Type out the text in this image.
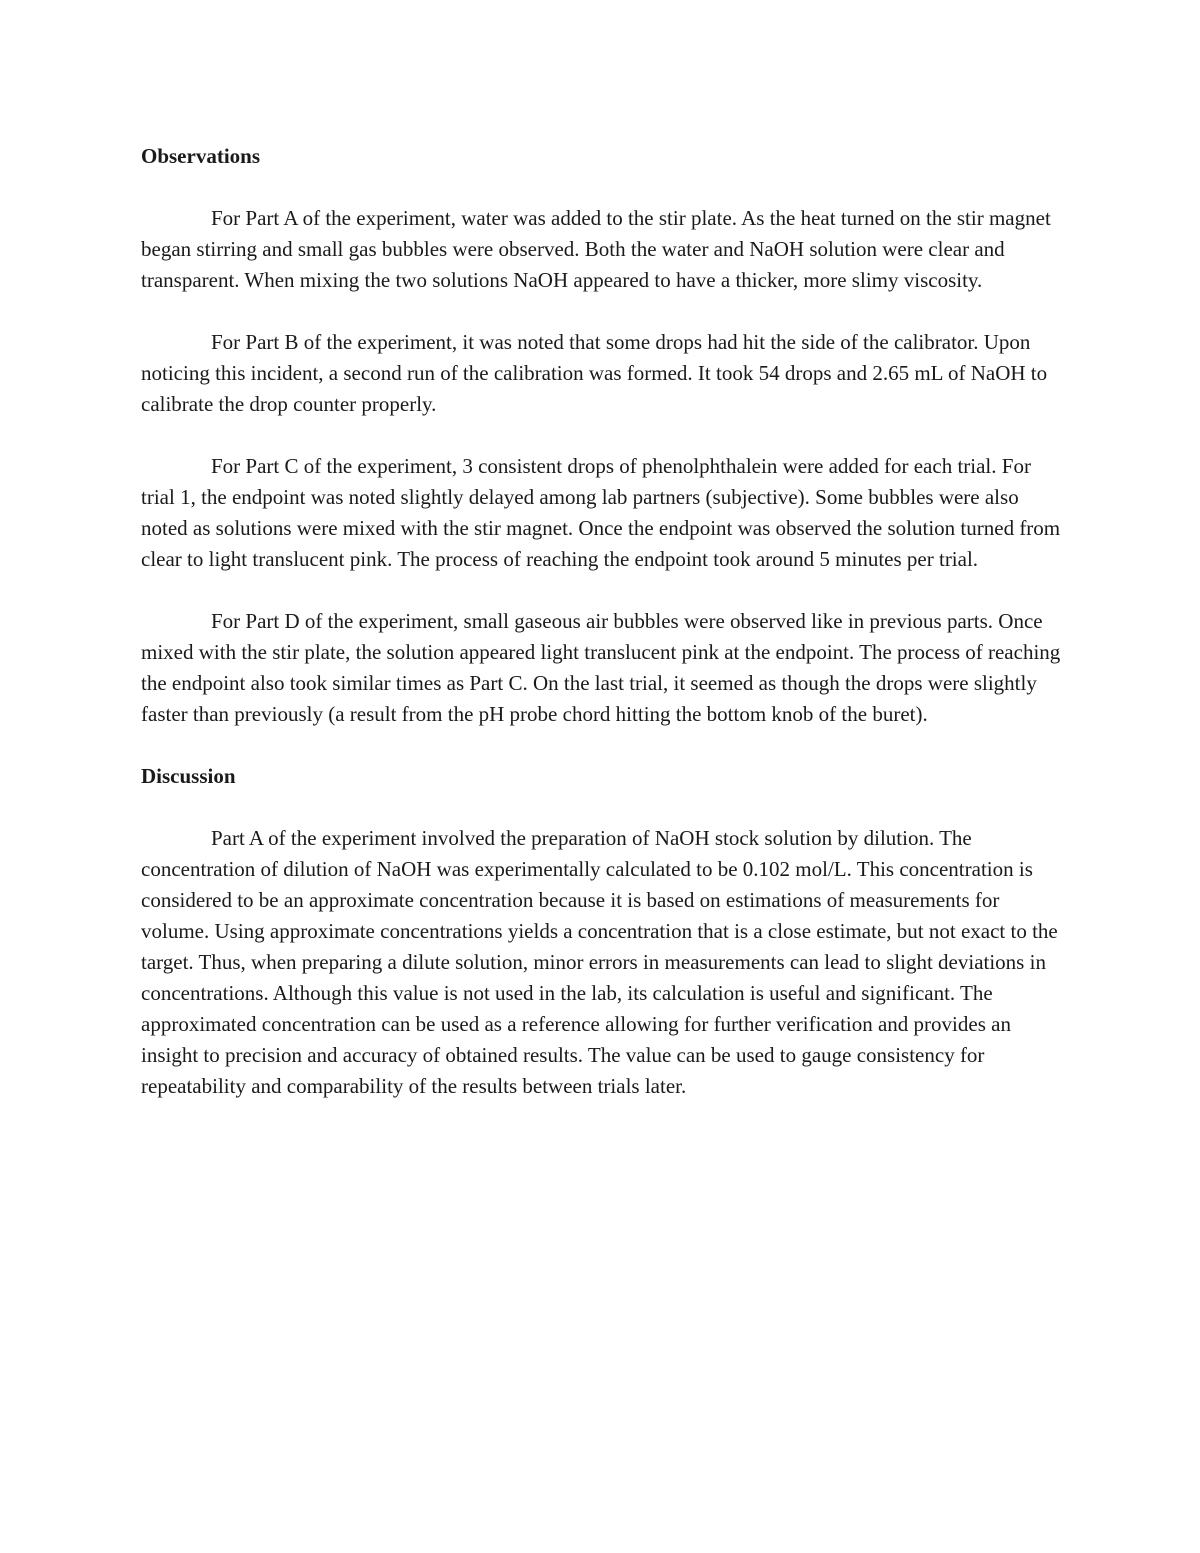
Observations

For Part A of the experiment, water was added to the stir plate. As the heat turned on the stir magnet began stirring and small gas bubbles were observed. Both the water and NaOH solution were clear and transparent. When mixing the two solutions NaOH appeared to have a thicker, more slimy viscosity.

For Part B of the experiment, it was noted that some drops had hit the side of the calibrator. Upon noticing this incident, a second run of the calibration was formed. It took 54 drops and 2.65 mL of NaOH to calibrate the drop counter properly.

For Part C of the experiment, 3 consistent drops of phenolphthalein were added for each trial. For trial 1, the endpoint was noted slightly delayed among lab partners (subjective). Some bubbles were also noted as solutions were mixed with the stir magnet. Once the endpoint was observed the solution turned from clear to light translucent pink. The process of reaching the endpoint took around 5 minutes per trial.

For Part D of the experiment, small gaseous air bubbles were observed like in previous parts. Once mixed with the stir plate, the solution appeared light translucent pink at the endpoint. The process of reaching the endpoint also took similar times as Part C. On the last trial, it seemed as though the drops were slightly faster than previously (a result from the pH probe chord hitting the bottom knob of the buret).

Discussion

Part A of the experiment involved the preparation of NaOH stock solution by dilution. The concentration of dilution of NaOH was experimentally calculated to be 0.102 mol/L. This concentration is considered to be an approximate concentration because it is based on estimations of measurements for volume. Using approximate concentrations yields a concentration that is a close estimate, but not exact to the target. Thus, when preparing a dilute solution, minor errors in measurements can lead to slight deviations in concentrations. Although this value is not used in the lab, its calculation is useful and significant. The approximated concentration can be used as a reference allowing for further verification and provides an insight to precision and accuracy of obtained results. The value can be used to gauge consistency for repeatability and comparability of the results between trials later.
